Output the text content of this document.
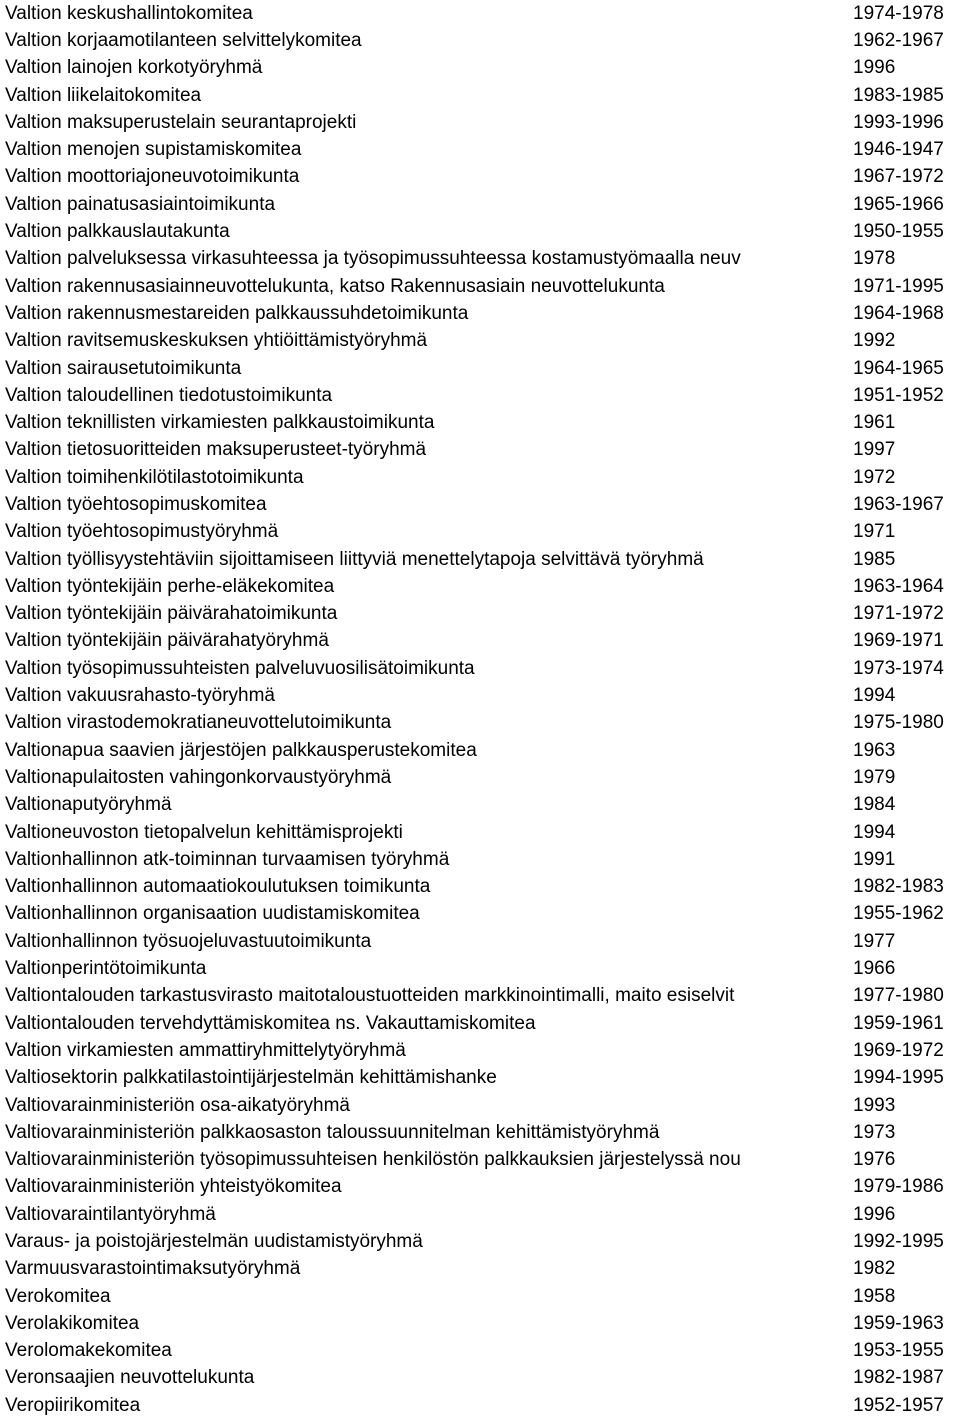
Valtion keskushallintokomitea	1974-1978
Valtion korjaamotilanteen selvittelykomitea	1962-1967
Valtion lainojen korkotyöryhmä	1996
Valtion liikelaitokomitea	1983-1985
Valtion maksuperustelain seurantaprojekti	1993-1996
Valtion menojen supistamiskomitea	1946-1947
Valtion moottoriajoneuvotoimikunta	1967-1972
Valtion painatusasiaintoimikunta	1965-1966
Valtion palkkauslautakunta	1950-1955
Valtion palveluksessa virkasuhteessa ja työsopimussuhteessa kostamustyömaalla neuv	1978
Valtion rakennusasiainneuvottelukunta, katso Rakennusasiain neuvottelukunta	1971-1995
Valtion rakennusmestareiden palkkaussuhdetoimikunta	1964-1968
Valtion ravitsemuskeskuksen yhtiöittämistyöryhmä	1992
Valtion sairausetutoimikunta	1964-1965
Valtion taloudellinen tiedotustoimikunta	1951-1952
Valtion teknillisten virkamiesten palkkaustoimikunta	1961
Valtion tietosuoritteiden maksuperusteet-työryhmä	1997
Valtion toimihenkilötilastotoimikunta	1972
Valtion työehtosopimuskomitea	1963-1967
Valtion työehtosopimustyöryhmä	1971
Valtion työllisyystehtäviin sijoittamiseen liittyviä menettelytapoja selvittävä työryhmä	1985
Valtion työntekijäin perhe-eläkekomitea	1963-1964
Valtion työntekijäin päivärahatoimikunta	1971-1972
Valtion työntekijäin päivärahatyöryhmä	1969-1971
Valtion työsopimussuhteisten palveluvuosilisätoimikunta	1973-1974
Valtion vakuusrahasto-työryhmä	1994
Valtion virastodemokratianeuvottelutoimikunta	1975-1980
Valtionapua saavien järjestöjen palkkausperustekomitea	1963
Valtionapulaitosten vahingonkorvaustyöryhmä	1979
Valtionaputyöryhmä	1984
Valtioneuvoston tietopalvelun kehittämisprojekti	1994
Valtionhallinnon atk-toiminnan turvaamisen työryhmä	1991
Valtionhallinnon automaatiokoulutuksen toimikunta	1982-1983
Valtionhallinnon organisaation uudistamiskomitea	1955-1962
Valtionhallinnon työsuojeluvastuutoimikunta	1977
Valtionperintötoimikunta	1966
Valtiontalouden tarkastusvirasto maitotaloustuotteiden markkinointimalli, maito esiselvit	1977-1980
Valtiontalouden tervehdyttämiskomitea ns. Vakauttamiskomitea	1959-1961
Valtion virkamiesten ammattiryhmittelytyöryhmä	1969-1972
Valtiosektorin palkkatilastointijärjestelmän kehittämishanke	1994-1995
Valtiovarainministeriön osa-aikatyöryhmä	1993
Valtiovarainministeriön palkkaosaston taloussuunnitelman kehittämistyöryhmä	1973
Valtiovarainministeriön työsopimussuhteisen henkilöstön palkkauksien järjestelyssä nou	1976
Valtiovarainministeriön yhteistyökomitea	1979-1986
Valtiovaraintilantyöryhmä	1996
Varaus- ja poistojärjestelmän uudistamistyöryhmä	1992-1995
Varmuusvarastointimaksutyöryhmä	1982
Verokomitea	1958
Verolakikomitea	1959-1963
Verolomakekomitea	1953-1955
Veronsaajien neuvottelukunta	1982-1987
Veropiirikomitea	1952-1957
